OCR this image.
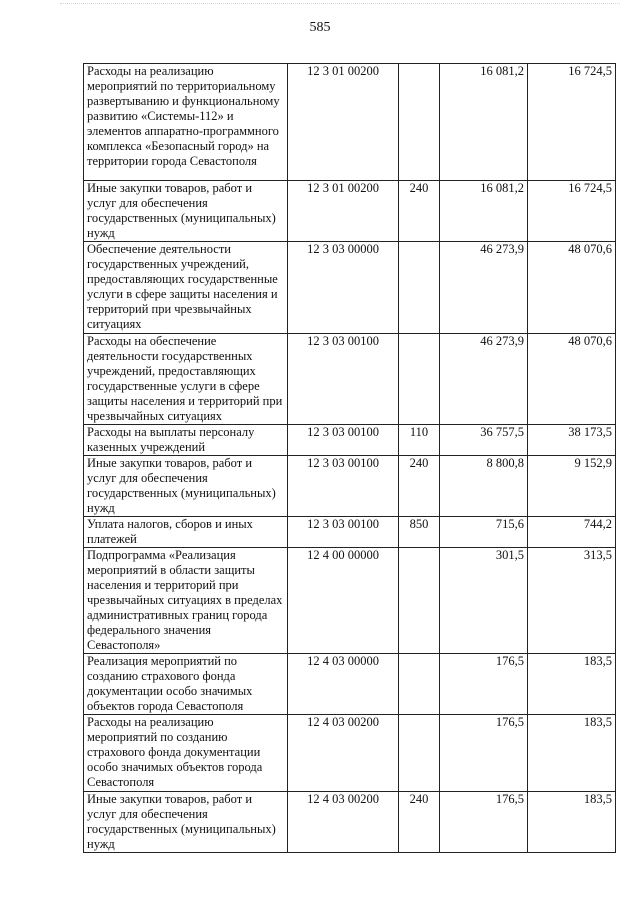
585
Расходы на реализацию мероприятий по территориальному развертыванию и функциональному развитию «Системы-112» и элементов аппаратно-программного комплекса «Безопасный город» на территории города Севастополя	12 3 01 00200		16 081,2	16 724,5
Иные закупки товаров, работ и услуг для обеспечения государственных (муниципальных) нужд	12 3 01 00200	240	16 081,2	16 724,5
Обеспечение деятельности государственных учреждений, предоставляющих государственные услуги в сфере защиты населения и территорий при чрезвычайных ситуациях	12 3 03 00000		46 273,9	48 070,6
Расходы на обеспечение деятельности государственных учреждений, предоставляющих государственные услуги в сфере защиты населения и территорий при чрезвычайных ситуациях	12 3 03 00100		46 273,9	48 070,6
Расходы на выплаты персоналу казенных учреждений	12 3 03 00100	110	36 757,5	38 173,5
Иные закупки товаров, работ и услуг для обеспечения государственных (муниципальных) нужд	12 3 03 00100	240	8 800,8	9 152,9
Уплата налогов, сборов и иных платежей	12 3 03 00100	850	715,6	744,2
Подпрограмма «Реализация мероприятий в области защиты населения и территорий при чрезвычайных ситуациях в пределах административных границ города федерального значения Севастополя»	12 4 00 00000		301,5	313,5
Реализация мероприятий по созданию страхового фонда документации особо значимых объектов города Севастополя	12 4 03 00000		176,5	183,5
Расходы на реализацию мероприятий по созданию страхового фонда документации особо значимых объектов города Севастополя	12 4 03 00200		176,5	183,5
Иные закупки товаров, работ и услуг для обеспечения государственных (муниципальных) нужд	12 4 03 00200	240	176,5	183,5
